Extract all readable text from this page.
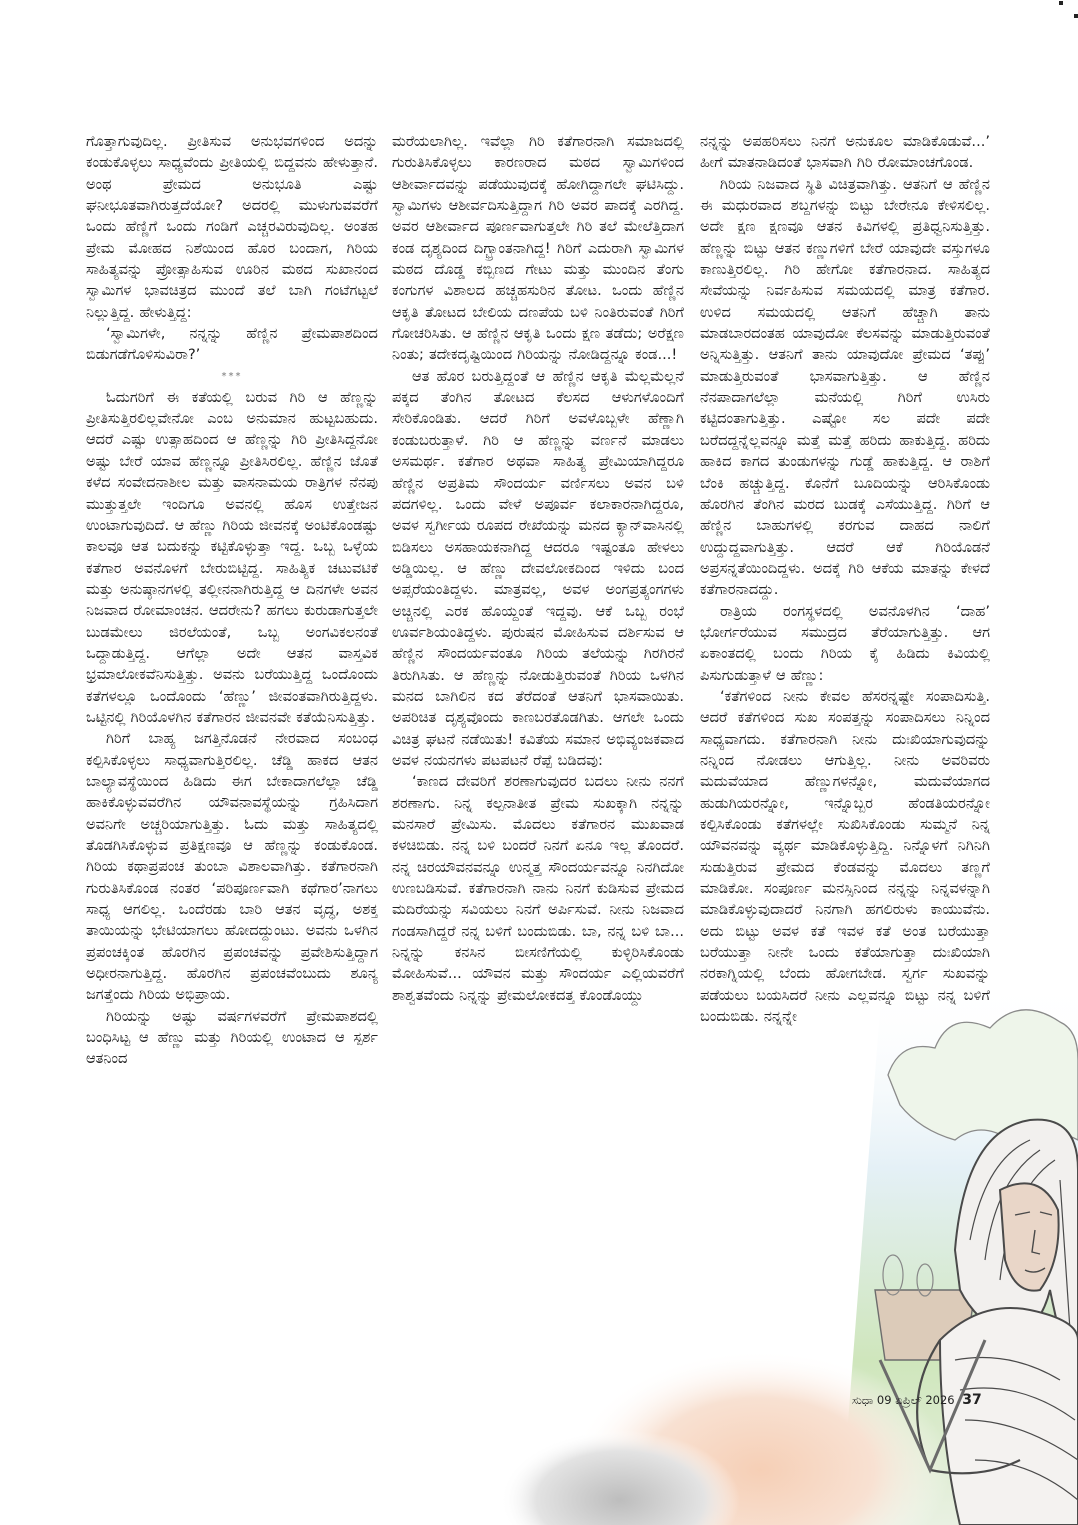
ಗೊತ್ತಾಗುವುದಿಲ್ಲ. ಪ್ರೀತಿಸುವ ಅನುಭವಗಳಿಂದ ಅದನ್ನು ಕಂಡುಕೊಳ್ಳಲು ಸಾಧ್ಯವೆಂದು ಪ್ರೀತಿಯಲ್ಲಿ ಬಿದ್ದವನು ಹೇಳುತ್ತಾನೆ. ಅಂಥ ಪ್ರೇಮದ ಅನುಭೂತಿ ಎಷ್ಟು ಘನೀಭೂತವಾಗಿರುತ್ತದೆಯೋ? ಅದರಲ್ಲಿ ಮುಳುಗುವವರೆಗೆ ಒಂದು ಹೆಣ್ಣಿಗೆ ಒಂದು ಗಂಡಿಗೆ ಎಚ್ಚರವಿರುವುದಿಲ್ಲ. ಅಂತಹ ಪ್ರೇಮ ಮೋಹದ ನಿಶೆಯಿಂದ ಹೊರ ಬಂದಾಗ, ಗಿರಿಯ ಸಾಹಿತ್ಯವನ್ನು ಪ್ರೋತ್ಸಾಹಿಸುವ ಊರಿನ ಮಠದ ಸುಖಾನಂದ ಸ್ವಾಮಿಗಳ ಭಾವಚಿತ್ರದ ಮುಂದೆ ತಲೆ ಬಾಗಿ ಗಂಟೆಗಟ್ಟಲೆ ನಿಲ್ಲುತ್ತಿದ್ದ. ಹೇಳುತ್ತಿದ್ದ:

‘ಸ್ವಾಮಿಗಳೇ, ನನ್ನನ್ನು ಹೆಣ್ಣಿನ ಪ್ರೇಮಪಾಶದಿಂದ ಬಿಡುಗಡೆಗೊಳಿಸುವಿರಾ?’

***

ಓದುಗರಿಗೆ ಈ ಕತೆಯಲ್ಲಿ ಬರುವ ಗಿರಿ ಆ ಹೆಣ್ಣನ್ನು ಪ್ರೀತಿಸುತ್ತಿರಲಿಲ್ಲವೇನೋ ಎಂಬ ಅನುಮಾನ ಹುಟ್ಟಬಹುದು. ಆದರೆ ಎಷ್ಟು ಉತ್ಸಾಹದಿಂದ ಆ ಹೆಣ್ಣನ್ನು ಗಿರಿ ಪ್ರೀತಿಸಿದ್ದನೋ ಅಷ್ಟು ಬೇರೆ ಯಾವ ಹೆಣ್ಣನ್ನೂ ಪ್ರೀತಿಸಿರಲಿಲ್ಲ. ಹೆಣ್ಣಿನ ಜೊತೆ ಕಳೆದ ಸಂವೇದನಾಶೀಲ ಮತ್ತು ವಾಸನಾಮಯ ರಾತ್ರಿಗಳ ನೆನಪು ಮುತ್ತುತ್ತಲೇ ಇಂದಿಗೂ ಅವನಲ್ಲಿ ಹೊಸ ಉತ್ತೇಜನ ಉಂಟಾಗುವುದಿದೆ. ಆ ಹೆಣ್ಣು ಗಿರಿಯ ಜೀವನಕ್ಕೆ ಅಂಟಿಕೊಂಡಷ್ಟು ಕಾಲವೂ ಆತ ಬದುಕನ್ನು ಕಟ್ಟಿಕೊಳ್ಳುತ್ತಾ ಇದ್ದ. ಒಬ್ಬ ಒಳ್ಳೆಯ ಕತೆಗಾರ ಅವನೊಳಗೆ ಬೇರುಬಿಟ್ಟಿದ್ದ. ಸಾಹಿತ್ಯಿಕ ಚಟುವಟಿಕೆ ಮತ್ತು ಅನುಷ್ಠಾನಗಳಲ್ಲಿ ತಲ್ಲೀನನಾಗಿರುತ್ತಿದ್ದ ಆ ದಿನಗಳೇ ಅವನ ನಿಜವಾದ ರೋಮಾಂಚನ. ಆದರೇನು? ಹಗಲು ಕುರುಡಾಗುತ್ತಲೇ ಬುಡಮೇಲು ಜಿರಲೆಯಂತೆ, ಒಬ್ಬ ಅಂಗವಿಕಲನಂತೆ ಒದ್ದಾಡುತ್ತಿದ್ದ. ಆಗೆಲ್ಲಾ ಅದೇ ಆತನ ವಾಸ್ತವಿಕ ಭ್ರಮಾಲೋಕವೆನಿಸುತ್ತಿತ್ತು. ಅವನು ಬರೆಯುತ್ತಿದ್ದ ಒಂದೊಂದು ಕತೆಗಳಲ್ಲೂ ಒಂದೊಂದು ‘ಹೆಣ್ಣು’ ಜೀವಂತವಾಗಿರುತ್ತಿದ್ದಳು. ಒಟ್ಟಿನಲ್ಲಿ ಗಿರಿಯೊಳಗಿನ ಕತೆಗಾರನ ಜೀವನವೇ ಕತೆಯೆನಿಸುತ್ತಿತ್ತು.

ಗಿರಿಗೆ ಬಾಹ್ಯ ಜಗತ್ತಿನೊಡನೆ ನೇರವಾದ ಸಂಬಂಧ ಕಲ್ಪಿಸಿಕೊಳ್ಳಲು ಸಾಧ್ಯವಾಗುತ್ತಿರಲಿಲ್ಲ. ಚೆಡ್ಡಿ ಹಾಕದ ಆತನ ಬಾಲ್ಯಾವಸ್ಥೆಯಿಂದ ಹಿಡಿದು ಈಗ ಬೇಕಾದಾಗಲೆಲ್ಲಾ ಚೆಡ್ಡಿ ಹಾಕಿಕೊಳ್ಳುವವರೆಗಿನ ಯೌವನಾವಸ್ಥೆಯನ್ನು ಗ್ರಹಿಸಿದಾಗ ಅವನಿಗೇ ಅಚ್ಚರಿಯಾಗುತ್ತಿತ್ತು. ಓದು ಮತ್ತು ಸಾಹಿತ್ಯದಲ್ಲಿ ತೊಡಗಿಸಿಕೊಳ್ಳುವ ಪ್ರತಿಕ್ಷಣವೂ ಆ ಹೆಣ್ಣನ್ನು ಕಂಡುಕೊಂಡ. ಗಿರಿಯ ಕಥಾಪ್ರಪಂಚ ತುಂಬಾ ವಿಶಾಲವಾಗಿತ್ತು. ಕತೆಗಾರನಾಗಿ ಗುರುತಿಸಿಕೊಂಡ ನಂತರ ‘ಪರಿಪೂರ್ಣವಾಗಿ ಕಥೆಗಾರ’ನಾಗಲು ಸಾಧ್ಯ ಆಗಲಿಲ್ಲ. ಒಂದೆರಡು ಬಾರಿ ಆತನ ವೃದ್ಧ, ಅಶಕ್ತ ತಾಯಿಯನ್ನು ಭೇಟಿಯಾಗಲು ಹೋದದ್ದುಂಟು. ಅವನು ಒಳಗಿನ ಪ್ರಪಂಚಕ್ಕಿಂತ ಹೊರಗಿನ ಪ್ರಪಂಚವನ್ನು ಪ್ರವೇಶಿಸುತ್ತಿದ್ದಾಗ ಅಧೀರನಾಗುತ್ತಿದ್ದ. ಹೊರಗಿನ ಪ್ರಪಂಚವೆಂಬುದು ಶೂನ್ಯ ಜಗತ್ತೆಂದು ಗಿರಿಯ ಅಭಿಪ್ರಾಯ.

ಗಿರಿಯನ್ನು ಅಷ್ಟು ವರ್ಷಗಳವರೆಗೆ ಪ್ರೇಮಪಾಶದಲ್ಲಿ ಬಂಧಿಸಿಟ್ಟ ಆ ಹೆಣ್ಣು ಮತ್ತು ಗಿರಿಯಲ್ಲಿ ಉಂಟಾದ ಆ ಸ್ಪರ್ಶ ಆತನಿಂದ

ಮರೆಯಲಾಗಿಲ್ಲ. ಇವೆಲ್ಲಾ ಗಿರಿ ಕತೆಗಾರನಾಗಿ ಸಮಾಜದಲ್ಲಿ ಗುರುತಿಸಿಕೊಳ್ಳಲು ಕಾರಣರಾದ ಮಠದ ಸ್ವಾಮಿಗಳಿಂದ ಆಶೀರ್ವಾದವನ್ನು ಪಡೆಯುವುದಕ್ಕೆ ಹೋಗಿದ್ದಾಗಲೇ ಘಟಿಸಿದ್ದು. ಸ್ವಾಮಿಗಳು ಆಶೀರ್ವದಿಸುತ್ತಿದ್ದಾಗ ಗಿರಿ ಅವರ ಪಾದಕ್ಕೆ ಎರಗಿದ್ದ. ಅವರ ಆಶೀರ್ವಾದ ಪೂರ್ಣವಾಗುತ್ತಲೇ ಗಿರಿ ತಲೆ ಮೇಲೆತ್ತಿದಾಗ ಕಂಡ ದೃಶ್ಯದಿಂದ ದಿಗ್ಭ್ರಾಂತನಾಗಿದ್ದ! ಗಿರಿಗೆ ಎದುರಾಗಿ ಸ್ವಾಮಿಗಳ ಮಠದ ದೊಡ್ಡ ಕಬ್ಬಿಣದ ಗೇಟು ಮತ್ತು ಮುಂದಿನ ತೆಂಗು ಕಂಗುಗಳ ವಿಶಾಲದ ಹಚ್ಚಹಸುರಿನ ತೋಟ. ಒಂದು ಹೆಣ್ಣಿನ ಆಕೃತಿ ತೋಟದ ಬೇಲಿಯ ದಣಪೆಯ ಬಳಿ ನಿಂತಿರುವಂತೆ ಗಿರಿಗೆ ಗೋಚರಿಸಿತು. ಆ ಹೆಣ್ಣಿನ ಆಕೃತಿ ಒಂದು ಕ್ಷಣ ತಡೆದು; ಅರೆಕ್ಷಣ ನಿಂತು; ತದೇಕದೃಷ್ಟಿಯಿಂದ ಗಿರಿಯನ್ನು ನೋಡಿದ್ದನ್ನೂ ಕಂಡ...!

ಆತ ಹೊರ ಬರುತ್ತಿದ್ದಂತೆ ಆ ಹೆಣ್ಣಿನ ಆಕೃತಿ ಮೆಲ್ಲಮೆಲ್ಲನೆ ಪಕ್ಕದ ತೆಂಗಿನ ತೋಟದ ಕೆಲಸದ ಆಳುಗಳೊಂದಿಗೆ ಸೇರಿಕೊಂಡಿತು. ಆದರೆ ಗಿರಿಗೆ ಅವಳೊಬ್ಬಳೇ ಹೆಣ್ಣಾಗಿ ಕಂಡುಬರುತ್ತಾಳೆ. ಗಿರಿ ಆ ಹೆಣ್ಣನ್ನು ವರ್ಣನೆ ಮಾಡಲು ಅಸಮರ್ಥ. ಕತೆಗಾರ ಅಥವಾ ಸಾಹಿತ್ಯ ಪ್ರೇಮಿಯಾಗಿದ್ದರೂ ಹೆಣ್ಣಿನ ಅಪ್ರತಿಮ ಸೌಂದರ್ಯ ವರ್ಣಿಸಲು ಅವನ ಬಳಿ ಪದಗಳಿಲ್ಲ. ಒಂದು ವೇಳೆ ಅಪೂರ್ವ ಕಲಾಕಾರನಾಗಿದ್ದರೂ, ಅವಳ ಸ್ವರ್ಗೀಯ ರೂಪದ ರೇಖೆಯನ್ನು ಮನದ ಕ್ಯಾನ್‌ವಾಸಿನಲ್ಲಿ ಬಿಡಿಸಲು ಅಸಹಾಯಕನಾಗಿದ್ದ ಆದರೂ ಇಷ್ಟಂತೂ ಹೇಳಲು ಅಡ್ಡಿಯಿಲ್ಲ. ಆ ಹೆಣ್ಣು ದೇವಲೋಕದಿಂದ ಇಳಿದು ಬಂದ ಅಪ್ಸರೆಯಂತಿದ್ದಳು. ಮಾತ್ರವಲ್ಲ, ಅವಳ ಅಂಗಪ್ರತ್ಯಂಗಗಳು ಅಚ್ಚಿನಲ್ಲಿ ಎರಕ ಹೊಯ್ದಂತೆ ಇದ್ದವು. ಆಕೆ ಒಬ್ಬ ರಂಭೆ ಊರ್ವಶಿಯಂತಿದ್ದಳು. ಪುರುಷನ ಮೋಹಿಸುವ ದರ್ಶಿಸುವ ಆ ಹೆಣ್ಣಿನ ಸೌಂದರ್ಯವಂತೂ ಗಿರಿಯ ತಲೆಯನ್ನು ಗಿರಗಿರನೆ ತಿರುಗಿಸಿತು. ಆ ಹೆಣ್ಣನ್ನು ನೋಡುತ್ತಿರುವಂತೆ ಗಿರಿಯ ಒಳಗಿನ ಮನದ ಬಾಗಿಲಿನ ಕದ ತೆರೆದಂತೆ ಆತನಿಗೆ ಭಾಸವಾಯಿತು. ಅಪರಿಚಿತ ದೃಶ್ಯವೊಂದು ಕಾಣಬರತೊಡಗಿತು. ಆಗಲೇ ಒಂದು ವಿಚಿತ್ರ ಘಟನೆ ನಡೆಯಿತು! ಕವಿತೆಯ ಸಮಾನ ಅಭಿವ್ಯಂಜಕವಾದ ಅವಳ ನಯನಗಳು ಪಟಪಟನೆ ರೆಪ್ಪೆ ಬಡಿದವು:

‘ಕಾಣದ ದೇವರಿಗೆ ಶರಣಾಗುವುದರ ಬದಲು ನೀನು ನನಗೆ ಶರಣಾಗು. ನಿನ್ನ ಕಲ್ಪನಾತೀತ ಪ್ರೇಮ ಸುಖಕ್ಕಾಗಿ ನನ್ನನ್ನು ಮನಸಾರೆ ಪ್ರೇಮಿಸು. ಮೊದಲು ಕತೆಗಾರನ ಮುಖವಾಡ ಕಳಚಿಬಿಡು. ನನ್ನ ಬಳಿ ಬಂದರೆ ನಿನಗೆ ಏನೂ ಇಲ್ಲ ತೊಂದರೆ. ನನ್ನ ಚಿರಯೌವನವನ್ನೂ ಉನ್ಮತ್ತ ಸೌಂದರ್ಯವನ್ನೂ ನಿನಗಿದೋ ಉಣಬಡಿಸುವೆ. ಕತೆಗಾರನಾಗಿ ನಾನು ನಿನಗೆ ಕುಡಿಸುವ ಪ್ರೇಮದ ಮದಿರೆಯನ್ನು ಸವಿಯಲು ನಿನಗೆ ಅರ್ಪಿಸುವೆ. ನೀನು ನಿಜವಾದ ಗಂಡಸಾಗಿದ್ದರೆ ನನ್ನ ಬಳಿಗೆ ಬಂದುಬಿಡು. ಬಾ, ನನ್ನ ಬಳಿ ಬಾ... ನಿನ್ನನ್ನು ಕನಸಿನ ಬೀಸಣಿಗೆಯಲ್ಲಿ ಕುಳ್ಳಿರಿಸಿಕೊಂಡು ಮೋಹಿಸುವೆ... ಯೌವನ ಮತ್ತು ಸೌಂದರ್ಯ ಎಲ್ಲಿಯವರೆಗೆ ಶಾಶ್ವತವೆಂದು ನಿನ್ನನ್ನು ಪ್ರೇಮಲೋಕದತ್ತ ಕೊಂಡೊಯ್ದು

ನನ್ನನ್ನು ಅಪಹರಿಸಲು ನಿನಗೆ ಅನುಕೂಲ ಮಾಡಿಕೊಡುವೆ...’ ಹೀಗೆ ಮಾತನಾಡಿದಂತೆ ಭಾಸವಾಗಿ ಗಿರಿ ರೋಮಾಂಚಗೊಂಡ.

ಗಿರಿಯ ನಿಜವಾದ ಸ್ಥಿತಿ ವಿಚಿತ್ರವಾಗಿತ್ತು. ಆತನಿಗೆ ಆ ಹೆಣ್ಣಿನ ಈ ಮಧುರವಾದ ಶಬ್ದಗಳನ್ನು ಬಿಟ್ಟು ಬೇರೇನೂ ಕೇಳಿಸಲಿಲ್ಲ. ಅದೇ ಕ್ಷಣ ಕ್ಷಣವೂ ಆತನ ಕಿವಿಗಳಲ್ಲಿ ಪ್ರತಿಧ್ವನಿಸುತ್ತಿತ್ತು. ಹೆಣ್ಣನ್ನು ಬಿಟ್ಟು ಆತನ ಕಣ್ಣುಗಳಿಗೆ ಬೇರೆ ಯಾವುದೇ ವಸ್ತುಗಳೂ ಕಾಣುತ್ತಿರಲಿಲ್ಲ. ಗಿರಿ ಹೇಗೋ ಕತೆಗಾರನಾದ. ಸಾಹಿತ್ಯದ ಸೇವೆಯನ್ನು ನಿರ್ವಹಿಸುವ ಸಮಯದಲ್ಲಿ ಮಾತ್ರ ಕತೆಗಾರ. ಉಳಿದ ಸಮಯದಲ್ಲಿ ಆತನಿಗೆ ಹೆಚ್ಚಾಗಿ ತಾನು ಮಾಡಬಾರದಂತಹ ಯಾವುದೋ ಕೆಲಸವನ್ನು ಮಾಡುತ್ತಿರುವಂತೆ ಅನ್ನಿಸುತ್ತಿತ್ತು. ಆತನಿಗೆ ತಾನು ಯಾವುದೋ ಪ್ರೇಮದ ‘ತಪ್ಪು’ ಮಾಡುತ್ತಿರುವಂತೆ ಭಾಸವಾಗುತ್ತಿತ್ತು. ಆ ಹೆಣ್ಣಿನ ನೆನಪಾದಾಗಲೆಲ್ಲಾ ಮನೆಯಲ್ಲಿ ಗಿರಿಗೆ ಉಸಿರು ಕಟ್ಟಿದಂತಾಗುತ್ತಿತ್ತು. ಎಷ್ಟೋ ಸಲ ಪದೇ ಪದೇ ಬರೆದದ್ದನ್ನೆಲ್ಲವನ್ನೂ ಮತ್ತೆ ಮತ್ತೆ ಹರಿದು ಹಾಕುತ್ತಿದ್ದ. ಹರಿದು ಹಾಕಿದ ಕಾಗದ ತುಂಡುಗಳನ್ನು ಗುಡ್ಡೆ ಹಾಕುತ್ತಿದ್ದ. ಆ ರಾಶಿಗೆ ಬೆಂಕಿ ಹಚ್ಚುತ್ತಿದ್ದ. ಕೊನೆಗೆ ಬೂದಿಯನ್ನು ಆರಿಸಿಕೊಂಡು ಹೊರಗಿನ ತೆಂಗಿನ ಮರದ ಬುಡಕ್ಕೆ ಎಸೆಯುತ್ತಿದ್ದ. ಗಿರಿಗೆ ಆ ಹೆಣ್ಣಿನ ಬಾಹುಗಳಲ್ಲಿ ಕರಗುವ ದಾಹದ ನಾಲಿಗೆ ಉದ್ದುದ್ದವಾಗುತ್ತಿತ್ತು. ಆದರೆ ಆಕೆ ಗಿರಿಯೊಡನೆ ಅಪ್ರಸನ್ನತೆಯಿಂದಿದ್ದಳು. ಅದಕ್ಕೆ ಗಿರಿ ಆಕೆಯ ಮಾತನ್ನು ಕೇಳದೆ ಕತೆಗಾರನಾದದ್ದು.

ರಾತ್ರಿಯ ರಂಗಸ್ಥಳದಲ್ಲಿ ಅವನೊಳಗಿನ ‘ದಾಹ’ ಭೋರ್ಗರೆಯುವ ಸಮುದ್ರದ ತೆರೆಯಾಗುತ್ತಿತ್ತು. ಆಗ ಏಕಾಂತದಲ್ಲಿ ಬಂದು ಗಿರಿಯ ಕೈ ಹಿಡಿದು ಕಿವಿಯಲ್ಲಿ ಪಿಸುಗುಡುತ್ತಾಳೆ ಆ ಹೆಣ್ಣು:

‘ಕತೆಗಳಿಂದ ನೀನು ಕೇವಲ ಹೆಸರನ್ನಷ್ಟೇ ಸಂಪಾದಿಸುತ್ತಿ. ಆದರೆ ಕತೆಗಳಿಂದ ಸುಖ ಸಂಪತ್ತನ್ನು ಸಂಪಾದಿಸಲು ನಿನ್ನಿಂದ ಸಾಧ್ಯವಾಗದು. ಕತೆಗಾರನಾಗಿ ನೀನು ದುಃಖಿಯಾಗುವುದನ್ನು ನನ್ನಿಂದ ನೋಡಲು ಆಗುತ್ತಿಲ್ಲ. ನೀನು ಅವರಿವರು ಮದುವೆಯಾದ ಹೆಣ್ಣುಗಳನ್ನೋ, ಮದುವೆಯಾಗದ ಹುಡುಗಿಯರನ್ನೋ, ಇನ್ನೊಬ್ಬರ ಹೆಂಡತಿಯರನ್ನೋ ಕಲ್ಪಿಸಿಕೊಂಡು ಕತೆಗಳಲ್ಲೇ ಸುಖಿಸಿಕೊಂಡು ಸುಮ್ಮನೆ ನಿನ್ನ ಯೌವನವನ್ನು ವ್ಯರ್ಥ ಮಾಡಿಕೊಳ್ಳುತ್ತಿದ್ದಿ. ನಿನ್ನೊಳಗೆ ನಿಗಿನಿಗಿ ಸುಡುತ್ತಿರುವ ಪ್ರೇಮದ ಕೆಂಡವನ್ನು ಮೊದಲು ತಣ್ಣಗೆ ಮಾಡಿಕೋ. ಸಂಪೂರ್ಣ ಮನಸ್ಸಿನಿಂದ ನನ್ನನ್ನು ನಿನ್ನವಳನ್ನಾಗಿ ಮಾಡಿಕೊಳ್ಳುವುದಾದರೆ ನಿನಗಾಗಿ ಹಗಲಿರುಳು ಕಾಯುವೆನು. ಅದು ಬಿಟ್ಟು ಅವಳ ಕತೆ ಇವಳ ಕತೆ ಅಂತ ಬರೆಯುತ್ತಾ ಬರೆಯುತ್ತಾ ನೀನೇ ಒಂದು ಕತೆಯಾಗುತ್ತಾ ದುಃಖಿಯಾಗಿ ನರಕಾಗ್ನಿಯಲ್ಲಿ ಬೆಂದು ಹೋಗಬೇಡ. ಸ್ವರ್ಗ ಸುಖವನ್ನು ಪಡೆಯಲು ಬಯಸಿದರೆ ನೀನು ಎಲ್ಲವನ್ನೂ ಬಿಟ್ಟು ನನ್ನ ಬಳಿಗೆ ಬಂದುಬಿಡು. ನನ್ನನ್ನೇ

ಸುಧಾ 09 ಏಪ್ರಿಲ್ 2026 37
